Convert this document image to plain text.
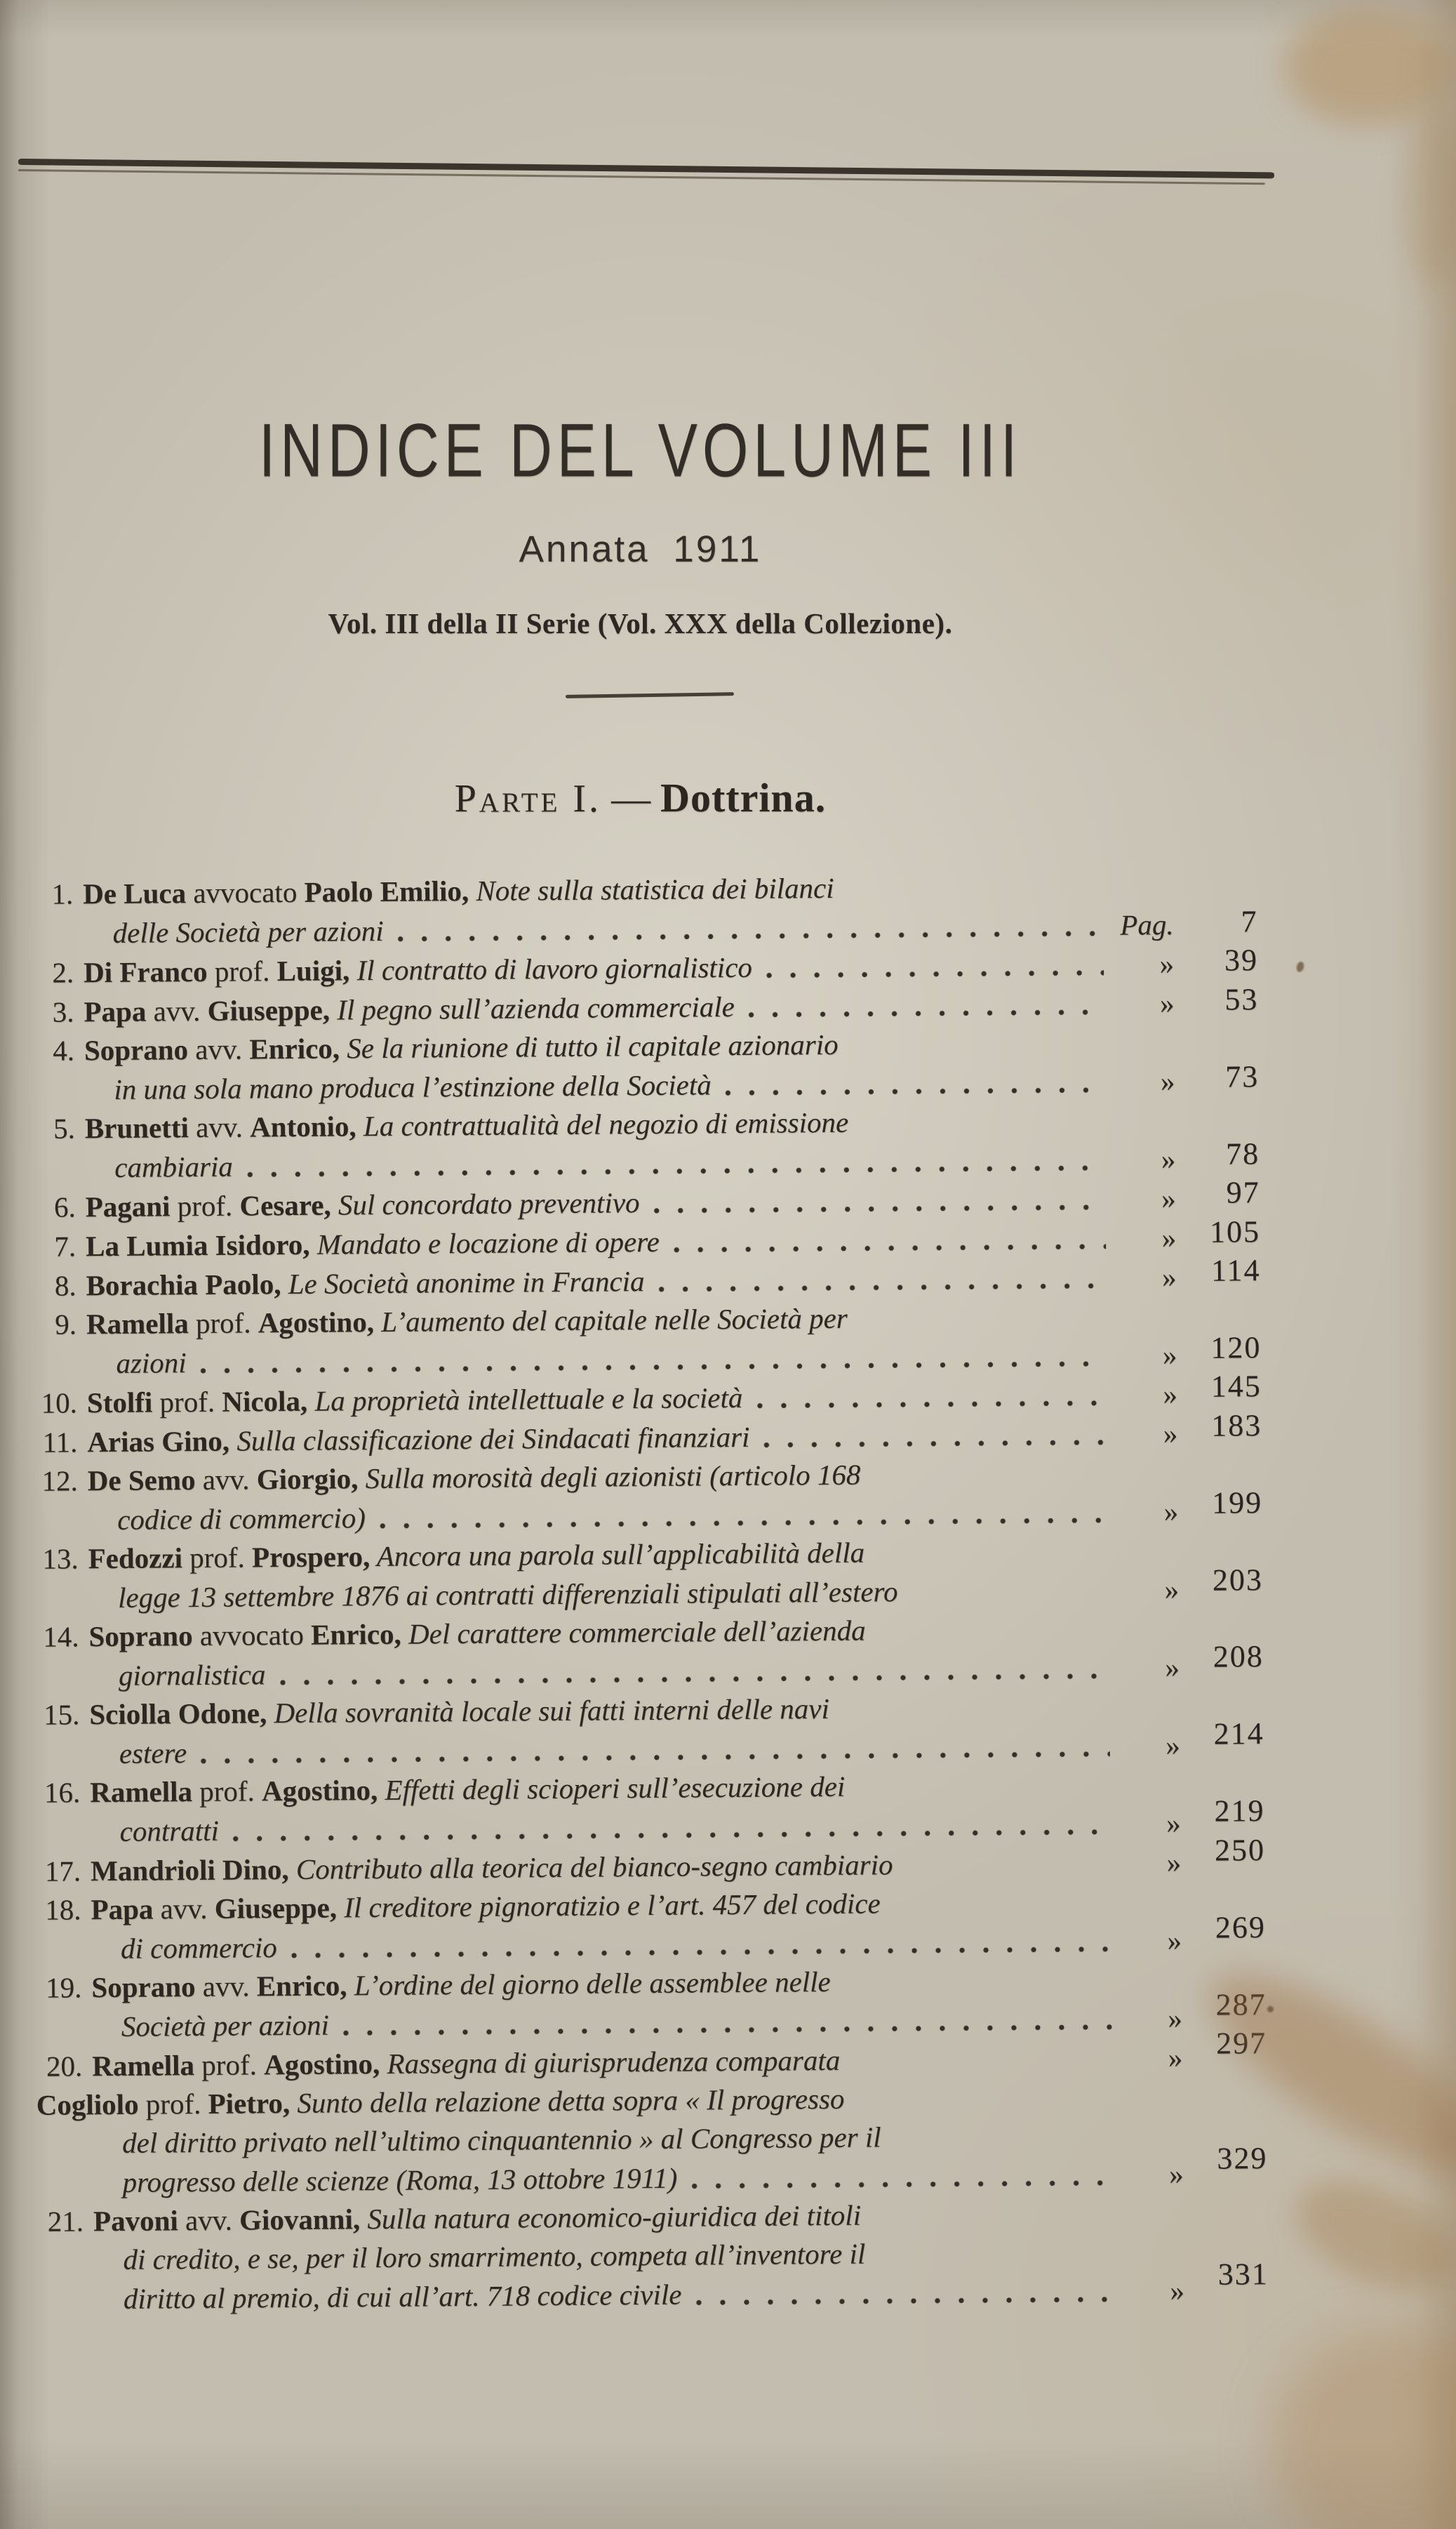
INDICE DEL VOLUME III
Annata 1911
Vol. III della II Serie (Vol. XXX della Collezione).
Parte I. — Dottrina.
1. De Luca avvocato Paolo Emilio, Note sulla statistica dei bilanci
delle Società per azioni	Pag.	7
2. Di Franco prof. Luigi, Il contratto di lavoro giornalistico	»	39
3. Papa avv. Giuseppe, Il pegno sull’azienda commerciale	»	53
4. Soprano avv. Enrico, Se la riunione di tutto il capitale azionario
in una sola mano produca l’estinzione della Società	»	73
5. Brunetti avv. Antonio, La contrattualità del negozio di emissione
cambiaria	»	78
6. Pagani prof. Cesare, Sul concordato preventivo	»	97
7. La Lumia Isidoro, Mandato e locazione di opere	»	105
8. Borachia Paolo, Le Società anonime in Francia	»	114
9. Ramella prof. Agostino, L’aumento del capitale nelle Società per
azioni	»	120
10. Stolfi prof. Nicola, La proprietà intellettuale e la società	»	145
11. Arias Gino, Sulla classificazione dei Sindacati finanziari	»	183
12. De Semo avv. Giorgio, Sulla morosità degli azionisti (articolo 168
codice di commercio)	»	199
13. Fedozzi prof. Prospero, Ancora una parola sull’applicabilità della
legge 13 settembre 1876 ai contratti differenziali stipulati all’estero	»	203
14. Soprano avvocato Enrico, Del carattere commerciale dell’azienda
giornalistica	»	208
15. Sciolla Odone, Della sovranità locale sui fatti interni delle navi
estere	»	214
16. Ramella prof. Agostino, Effetti degli scioperi sull’esecuzione dei
contratti	»	219
17. Mandrioli Dino, Contributo alla teorica del bianco-segno cambiario	»	250
18. Papa avv. Giuseppe, Il creditore pignoratizio e l’art. 457 del codice
di commercio	»	269
19. Soprano avv. Enrico, L’ordine del giorno delle assemblee nelle
Società per azioni	»	287
20. Ramella prof. Agostino, Rassegna di giurisprudenza comparata	»	297
Cogliolo prof. Pietro, Sunto della relazione detta sopra « Il progresso
del diritto privato nell’ultimo cinquantennio » al Congresso per il
progresso delle scienze (Roma, 13 ottobre 1911)	»	329
21. Pavoni avv. Giovanni, Sulla natura economico-giuridica dei titoli
di credito, e se, per il loro smarrimento, competa all’inventore il
diritto al premio, di cui all’art. 718 codice civile	»	331
